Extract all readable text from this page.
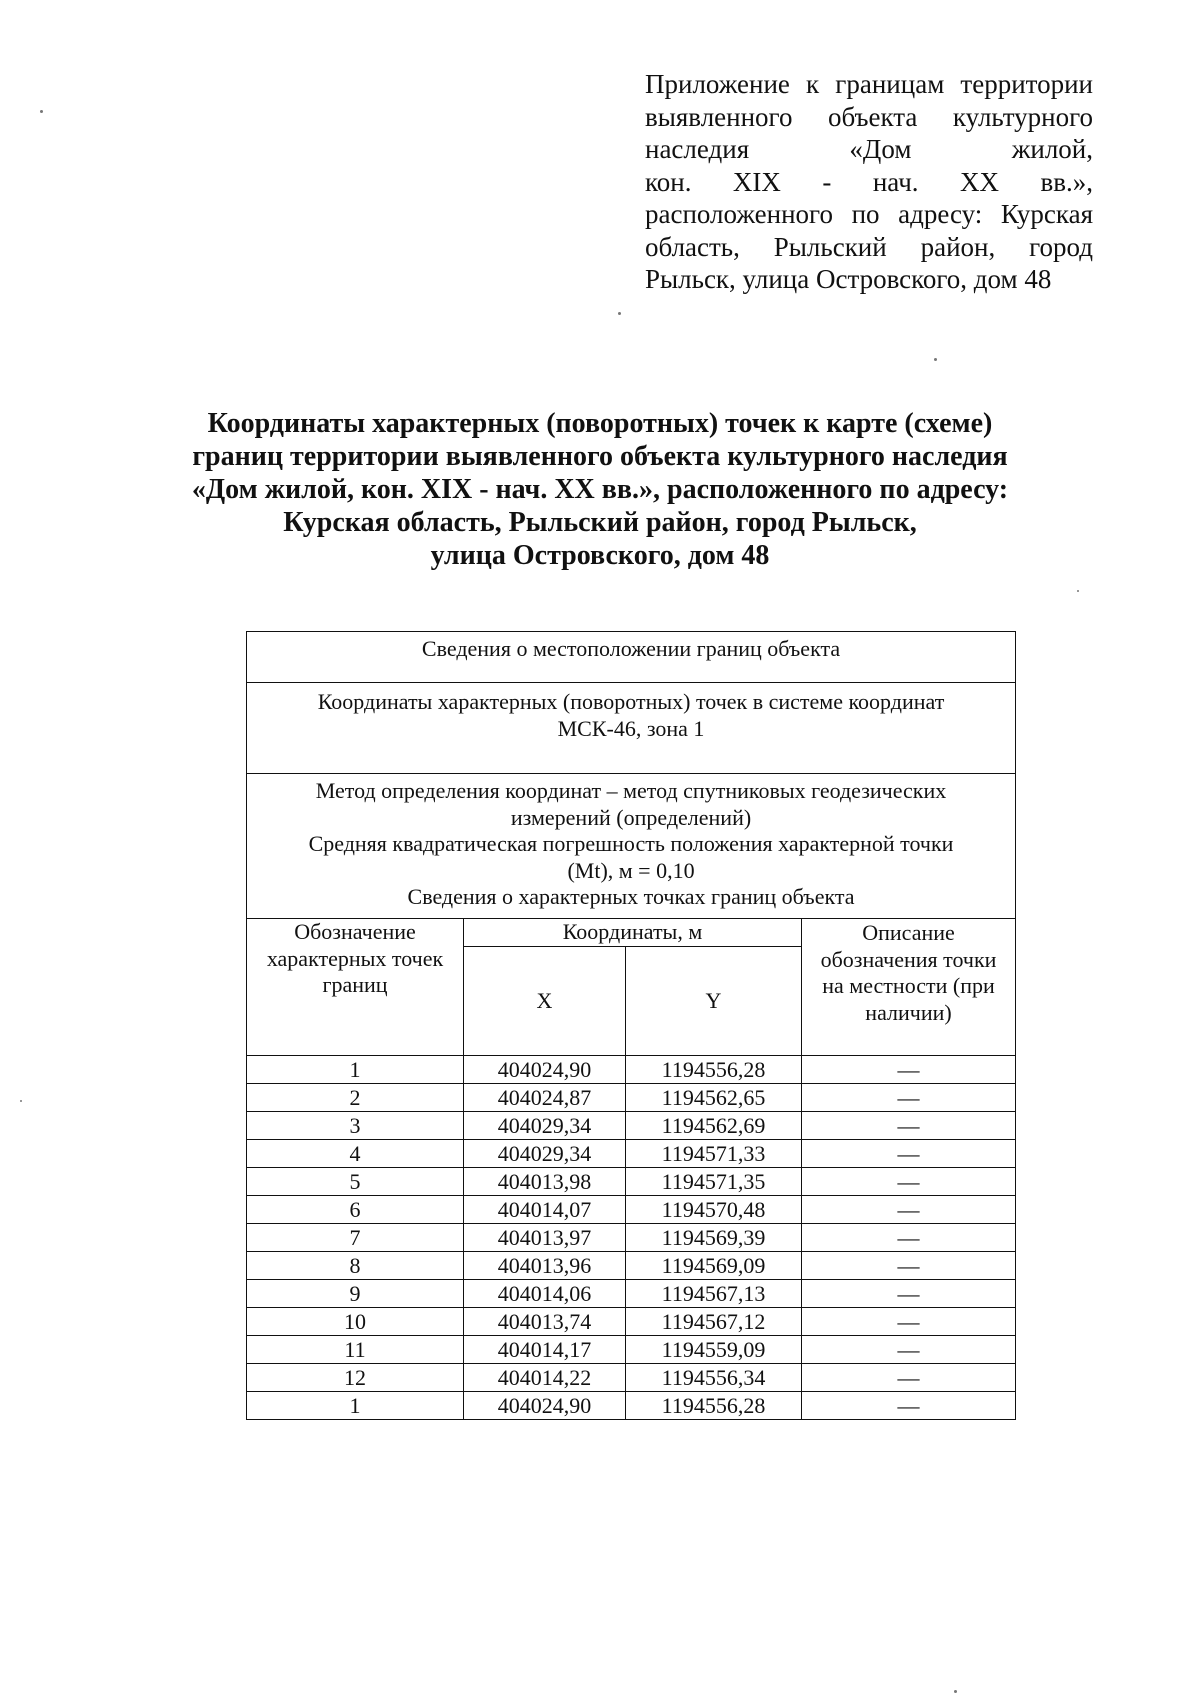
Приложение к границам территории
выявленного объекта культурного
наследия «Дом жилой,
кон. XIX - нач. XX вв.»,
расположенного по адресу: Курская
область, Рыльский район, город
Рыльск, улица Островского, дом 48
Координаты характерных (поворотных) точек к карте (схеме)
границ территории выявленного объекта культурного наследия
«Дом жилой, кон. XIX - нач. XX вв.», расположенного по адресу:
Курская область, Рыльский район, город Рыльск,
улица Островского, дом 48
Сведения о местоположении границ объекта			

Координаты характерных (поворотных) точек в системе координат
МСК-46, зона 1			

Метод определения координат – метод спутниковых геодезических
измерений (определений)
Средняя квадратическая погрешность положения характерной точки
(Mt), м = 0,10
Сведения о характерных точках границ объекта			

Обозначение характерных точек границ	Координаты, м		Описание обозначения точки на местности (при наличии)
	X	Y	
1	404024,90	1194556,28	—
2	404024,87	1194562,65	—
3	404029,34	1194562,69	—
4	404029,34	1194571,33	—
5	404013,98	1194571,35	—
6	404014,07	1194570,48	—
7	404013,97	1194569,39	—
8	404013,96	1194569,09	—
9	404014,06	1194567,13	—
10	404013,74	1194567,12	—
11	404014,17	1194559,09	—
12	404014,22	1194556,34	—
1	404024,90	1194556,28	—
